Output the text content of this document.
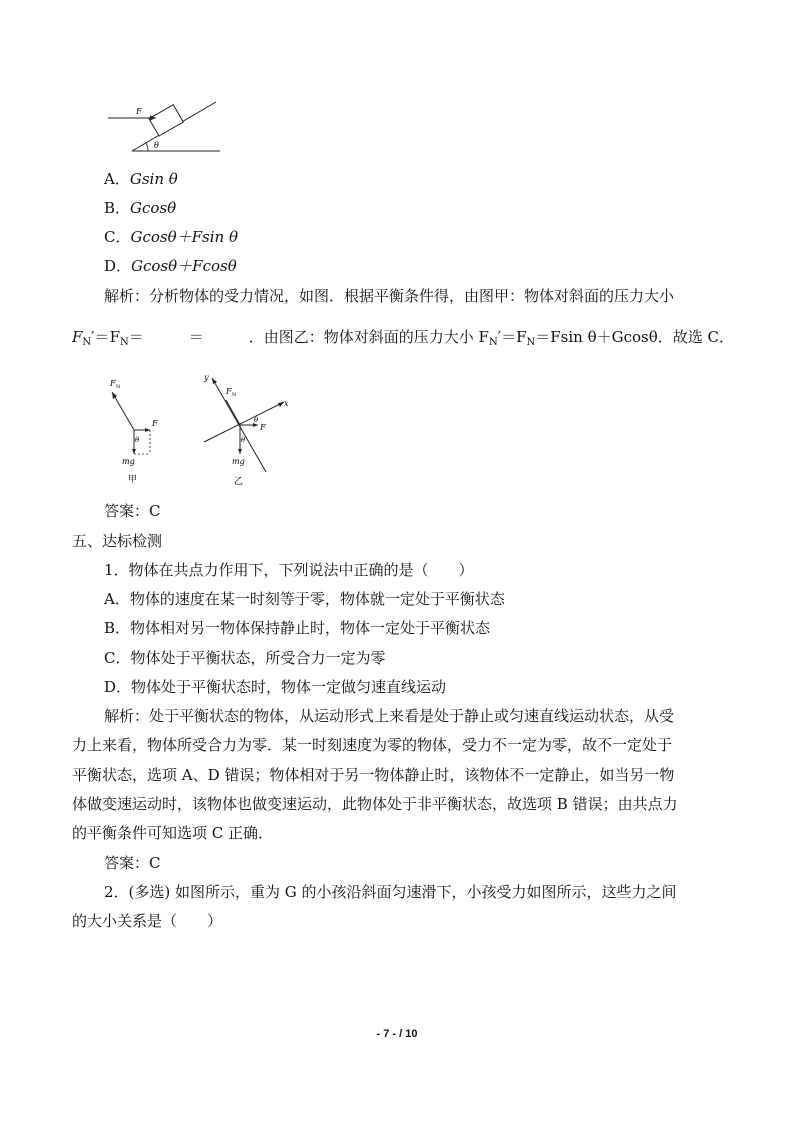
θ
F
A．Gsin θ
B．Gcosθ
C．Gcosθ＋Fsin θ
D．Gcosθ＋Fcosθ
解析：分析物体的受力情况，如图．根据平衡条件得，由图甲：物体对斜面的压力大小
$F_N'=F_N=$　　　＝　　　．由图乙：物体对斜面的压力大小 $F_N'=F_N=Fsin$ θ＋Gcosθ．故选 C．
F N
F
θ
mg
甲
x
y
F N
F
θ
θ
mg
乙
答案：C
五、达标检测
1．物体在共点力作用下，下列说法中正确的是（　　）
A．物体的速度在某一时刻等于零，物体就一定处于平衡状态
B．物体相对另一物体保持静止时，物体一定处于平衡状态
C．物体处于平衡状态，所受合力一定为零
D．物体处于平衡状态时，物体一定做匀速直线运动
解析：处于平衡状态的物体，从运动形式上来看是处于静止或匀速直线运动状态，从受
力上来看，物体所受合力为零．某一时刻速度为零的物体，受力不一定为零，故不一定处于
平衡状态，选项 A、D 错误；物体相对于另一物体静止时，该物体不一定静止，如当另一物
体做变速运动时，该物体也做变速运动，此物体处于非平衡状态，故选项 B 错误；由共点力
的平衡条件可知选项 C 正确．
答案：C
2．(多选) 如图所示，重为 G 的小孩沿斜面匀速滑下，小孩受力如图所示，这些力之间
的大小关系是（　　）
- 7 - / 10
